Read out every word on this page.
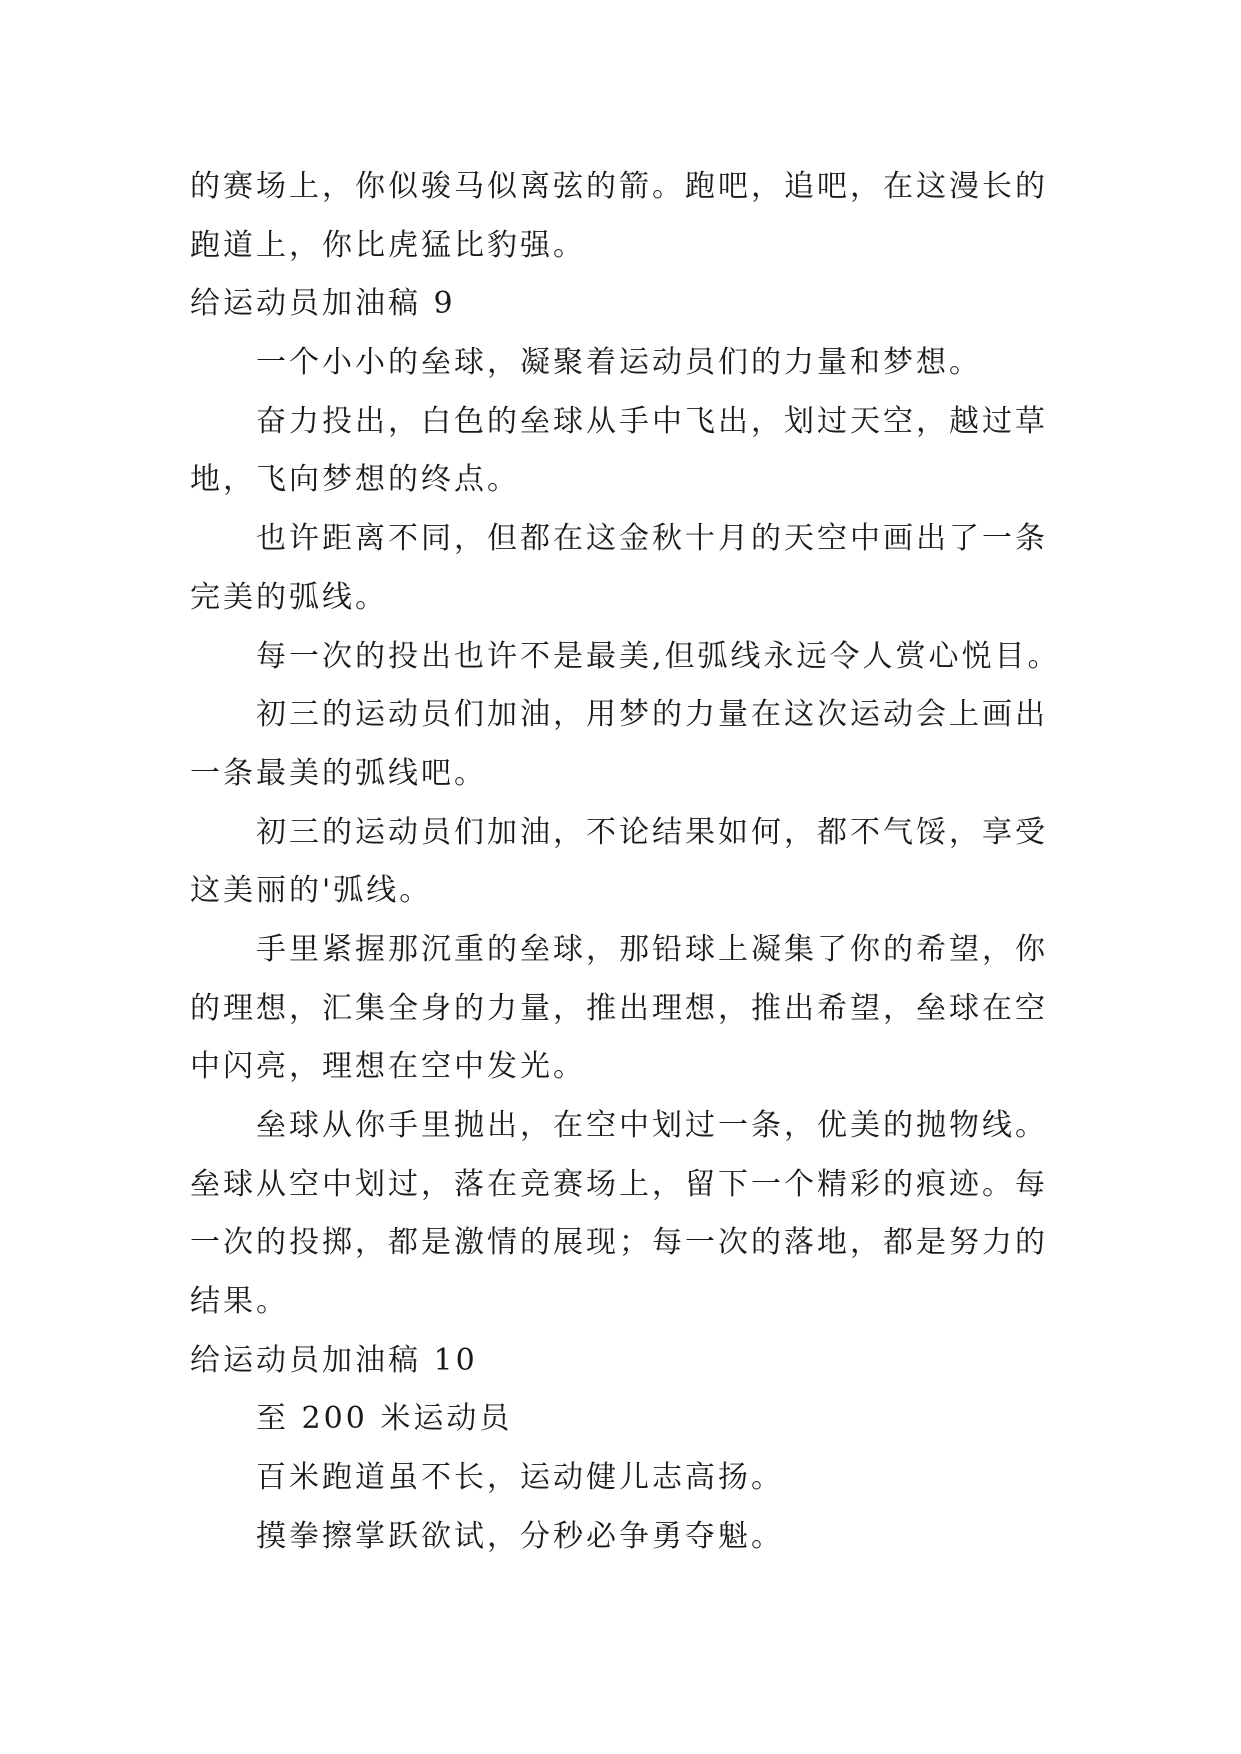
的赛场上，你似骏马似离弦的箭。跑吧，追吧，在这漫长的
跑道上，你比虎猛比豹强。
给运动员加油稿 9
一个小小的垒球，凝聚着运动员们的力量和梦想。
奋力投出，白色的垒球从手中飞出，划过天空，越过草
地，飞向梦想的终点。
也许距离不同，但都在这金秋十月的天空中画出了一条
完美的弧线。
每一次的投出也许不是最美,但弧线永远令人赏心悦目。
初三的运动员们加油，用梦的力量在这次运动会上画出
一条最美的弧线吧。
初三的运动员们加油，不论结果如何，都不气馁，享受
这美丽的'弧线。
手里紧握那沉重的垒球，那铅球上凝集了你的希望，你
的理想，汇集全身的力量，推出理想，推出希望，垒球在空
中闪亮，理想在空中发光。
垒球从你手里抛出，在空中划过一条，优美的抛物线。
垒球从空中划过，落在竞赛场上，留下一个精彩的痕迹。每
一次的投掷，都是激情的展现；每一次的落地，都是努力的
结果。
给运动员加油稿 10
至 200 米运动员
百米跑道虽不长，运动健儿志高扬。
摸拳擦掌跃欲试，分秒必争勇夺魁。
